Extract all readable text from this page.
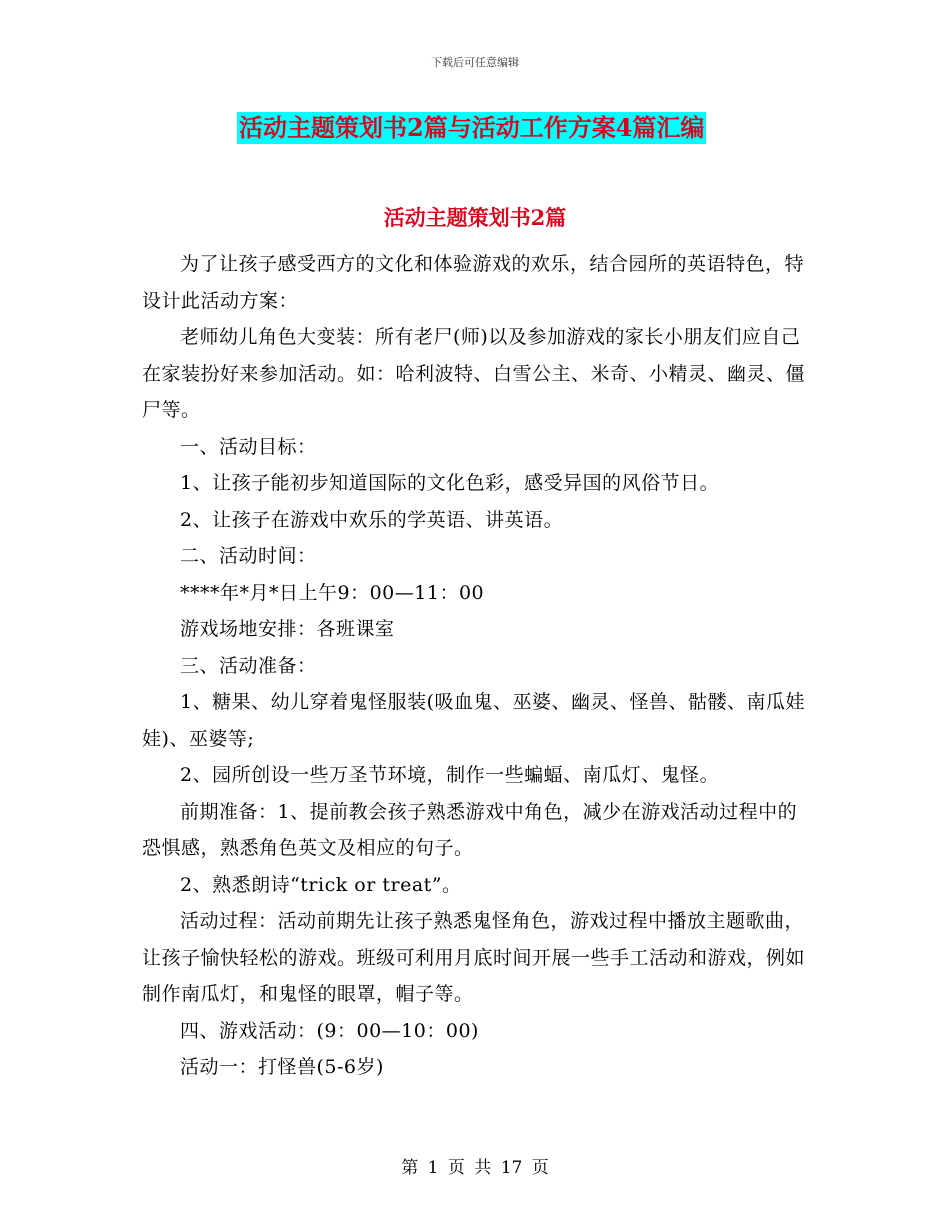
下载后可任意编辑
活动主题策划书2篇与活动工作方案4篇汇编
活动主题策划书2篇

为了让孩子感受西方的文化和体验游戏的欢乐，结合园所的英语特色，特设计此活动方案：

老师幼儿角色大变装：所有老尸(师)以及参加游戏的家长小朋友们应自己在家装扮好来参加活动。如：哈利波特、白雪公主、米奇、小精灵、幽灵、僵尸等。

一、活动目标：

1、让孩子能初步知道国际的文化色彩，感受异国的风俗节日。

2、让孩子在游戏中欢乐的学英语、讲英语。

二、活动时间：

****年*月*日上午9：00—11：00

游戏场地安排：各班课室

三、活动准备：

1、糖果、幼儿穿着鬼怪服装(吸血鬼、巫婆、幽灵、怪兽、骷髅、南瓜娃娃)、巫婆等;

2、园所创设一些万圣节环境，制作一些蝙蝠、南瓜灯、鬼怪。

前期准备：1、提前教会孩子熟悉游戏中角色，减少在游戏活动过程中的恐惧感，熟悉角色英文及相应的句子。

2、熟悉朗诗“trick or treat”。

活动过程：活动前期先让孩子熟悉鬼怪角色，游戏过程中播放主题歌曲，让孩子愉快轻松的游戏。班级可利用月底时间开展一些手工活动和游戏，例如制作南瓜灯，和鬼怪的眼罩，帽子等。

四、游戏活动：(9：00—10：00)

活动一：打怪兽(5-6岁)

第 1 页 共 17 页
